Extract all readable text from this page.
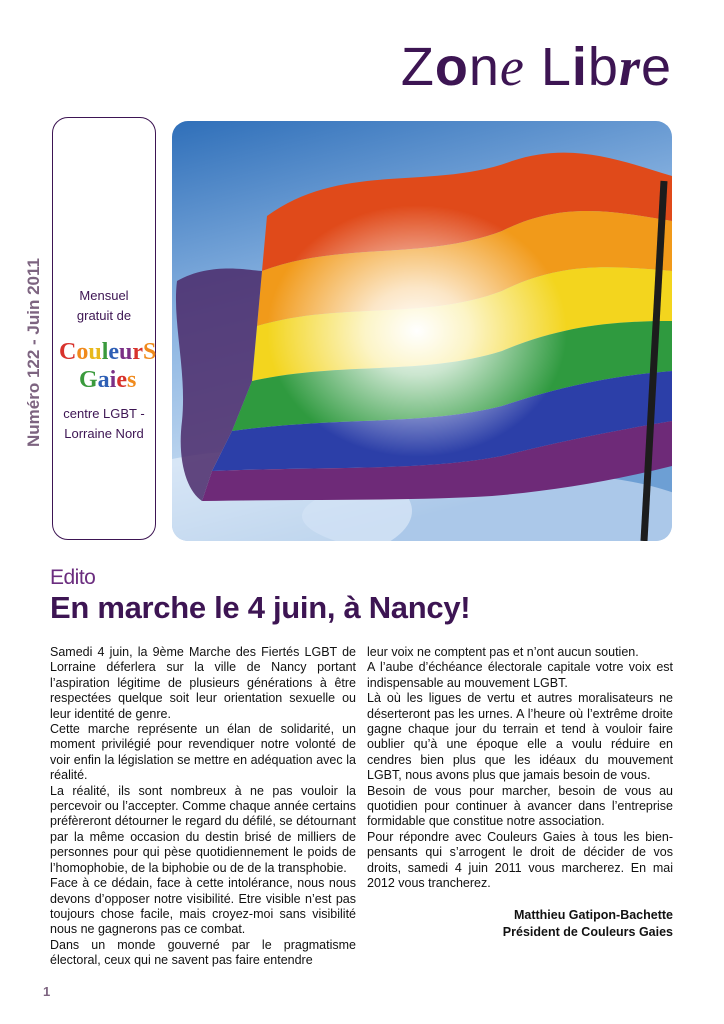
Zone Libre
Numéro 122 - Juin 2011	Mensuel
gratuit de
CouleurS
Gaies
centre LGBT -
Lorraine Nord
Edito
En marche le 4 juin, à Nancy!

Samedi 4 juin, la 9ème Marche des Fiertés LGBT de Lorraine déferlera sur la ville de Nancy portant l’aspiration légitime de plusieurs générations à être respectées quelque soit leur orientation sexuelle ou leur identité de genre.

Cette marche représente un élan de solidarité, un moment privilégié pour revendiquer notre volonté de voir enfin la législation se mettre en adéquation avec la réalité.

La réalité, ils sont nombreux à ne pas vouloir la percevoir ou l’accepter. Comme chaque année certains préfèreront détourner le regard du défilé, se détournant par la même occasion du destin brisé de milliers de personnes pour qui pèse quotidiennement le poids de l’homophobie, de la biphobie ou de de la transphobie.

Face à ce dédain, face à cette intolérance, nous nous devons d’opposer notre visibilité. Etre visible n’est pas toujours chose facile, mais croyez-moi sans visibilité nous ne gagnerons pas ce combat.

Dans un monde gouverné par le pragmatisme électoral, ceux qui ne savent pas faire entendre

leur voix ne comptent pas et n’ont aucun soutien.

A l’aube d’échéance électorale capitale votre voix est indispensable au mouvement LGBT.

Là où les ligues de vertu et autres moralisateurs ne déserteront pas les urnes. A l’heure où l’extrême droite gagne chaque jour du terrain et tend à vouloir faire oublier qu’à une époque elle a voulu réduire en cendres bien plus que les idéaux du mouvement LGBT, nous avons plus que jamais besoin de vous.

Besoin de vous pour marcher, besoin de vous au quotidien pour continuer à avancer dans l’entreprise formidable que constitue notre association.

Pour répondre avec Couleurs Gaies à tous les bien-pensants qui s’arrogent le droit de décider de vos droits, samedi 4 juin 2011 vous marcherez. En mai 2012 vous trancherez.

Matthieu Gatipon-Bachette
Président de Couleurs Gaies
1
